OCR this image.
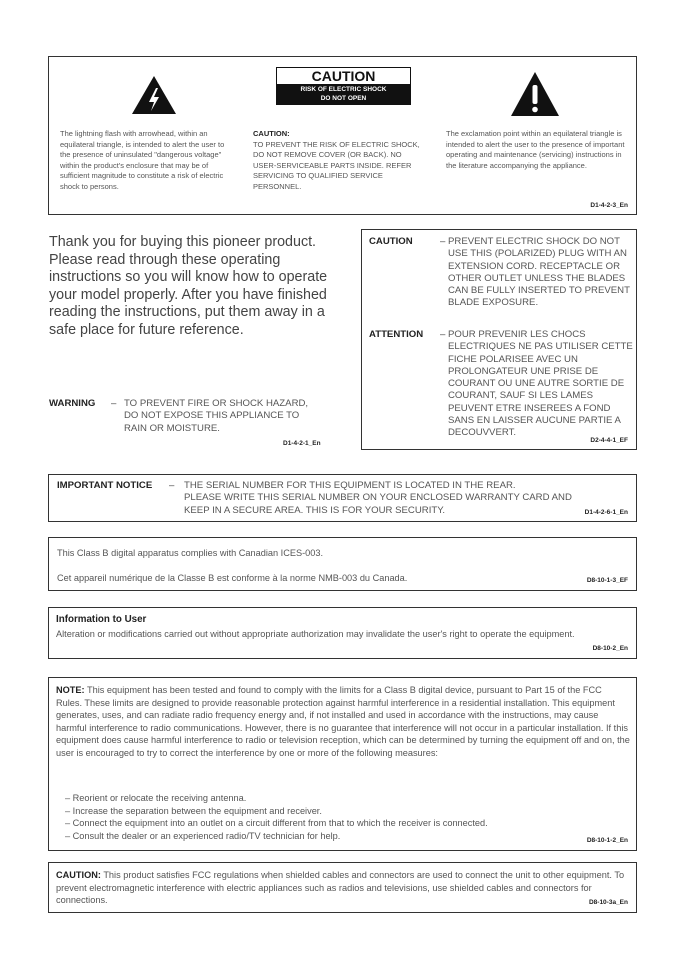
CAUTION
RISK OF ELECTRIC SHOCK
DO NOT OPEN
The lightning flash with arrowhead, within an equilateral triangle, is intended to alert the user to the presence of uninsulated "dangerous voltage" within the product's enclosure that may be of sufficient magnitude to constitute a risk of electric shock to persons.
CAUTION:
TO PREVENT THE RISK OF ELECTRIC SHOCK, DO NOT REMOVE COVER (OR BACK). NO USER-SERVICEABLE PARTS INSIDE. REFER SERVICING TO QUALIFIED SERVICE PERSONNEL.
The exclamation point within an equilateral triangle is intended to alert the user to the presence of important operating and maintenance (servicing) instructions in the literature accompanying the appliance.
D1-4-2-3_En
Thank you for buying this pioneer product. Please read through these operating instructions so you will know how to operate your model properly. After you have finished reading the instructions, put them away in a safe place for future reference.
WARNING – TO PREVENT FIRE OR SHOCK HAZARD, DO NOT EXPOSE THIS APPLIANCE TO RAIN OR MOISTURE.
D1-4-2-1_En
CAUTION	– PREVENT ELECTRIC SHOCK DO NOT USE THIS (POLARIZED) PLUG WITH AN EXTENSION CORD. RECEPTACLE OR OTHER OUTLET UNLESS THE BLADES CAN BE FULLY INSERTED TO PREVENT BLADE EXPOSURE.
ATTENTION – POUR PREVENIR LES CHOCS ELECTRIQUES NE PAS UTILISER CETTE FICHE POLARISEE AVEC UN PROLONGATEUR UNE PRISE DE COURANT OU UNE AUTRE SORTIE DE COURANT, SAUF SI LES LAMES PEUVENT ETRE INSEREES A FOND SANS EN LAISSER AUCUNE PARTIE A DECOUVVERT.
D2-4-4-1_EF
IMPORTANT NOTICE – THE SERIAL NUMBER FOR THIS EQUIPMENT IS LOCATED IN THE REAR.
PLEASE WRITE THIS SERIAL NUMBER ON YOUR ENCLOSED WARRANTY CARD AND
KEEP IN A SECURE AREA. THIS IS FOR YOUR SECURITY.	D1-4-2-6-1_En
This Class B digital apparatus complies with Canadian ICES-003.
Cet appareil numérique de la Classe B est conforme à la norme NMB-003 du Canada.	D8-10-1-3_EF
Information to User
Alteration or modifications carried out without appropriate authorization may invalidate the user's right to operate the equipment.
D8-10-2_En
NOTE: This equipment has been tested and found to comply with the limits for a Class B digital device, pursuant to Part 15 of the FCC Rules. These limits are designed to provide reasonable protection against harmful interference in a residential installation. This equipment generates, uses, and can radiate radio frequency energy and, if not installed and used in accordance with the instructions, may cause harmful interference to radio communications. However, there is no guarantee that interference will not occur in a particular installation. If this equipment does cause harmful interference to radio or television reception, which can be determined by turning the equipment off and on, the user is encouraged to try to correct the interference by one or more of the following measures:
– Reorient or relocate the receiving antenna.
– Increase the separation between the equipment and receiver.
– Connect the equipment into an outlet on a circuit different from that to which the receiver is connected.
– Consult the dealer or an experienced radio/TV technician for help.	D8-10-1-2_En
CAUTION: This product satisfies FCC regulations when shielded cables and connectors are used to connect the unit to other equipment. To prevent electromagnetic interference with electric appliances such as radios and televisions, use shielded cables and connectors for connections.	D8-10-3a_En
